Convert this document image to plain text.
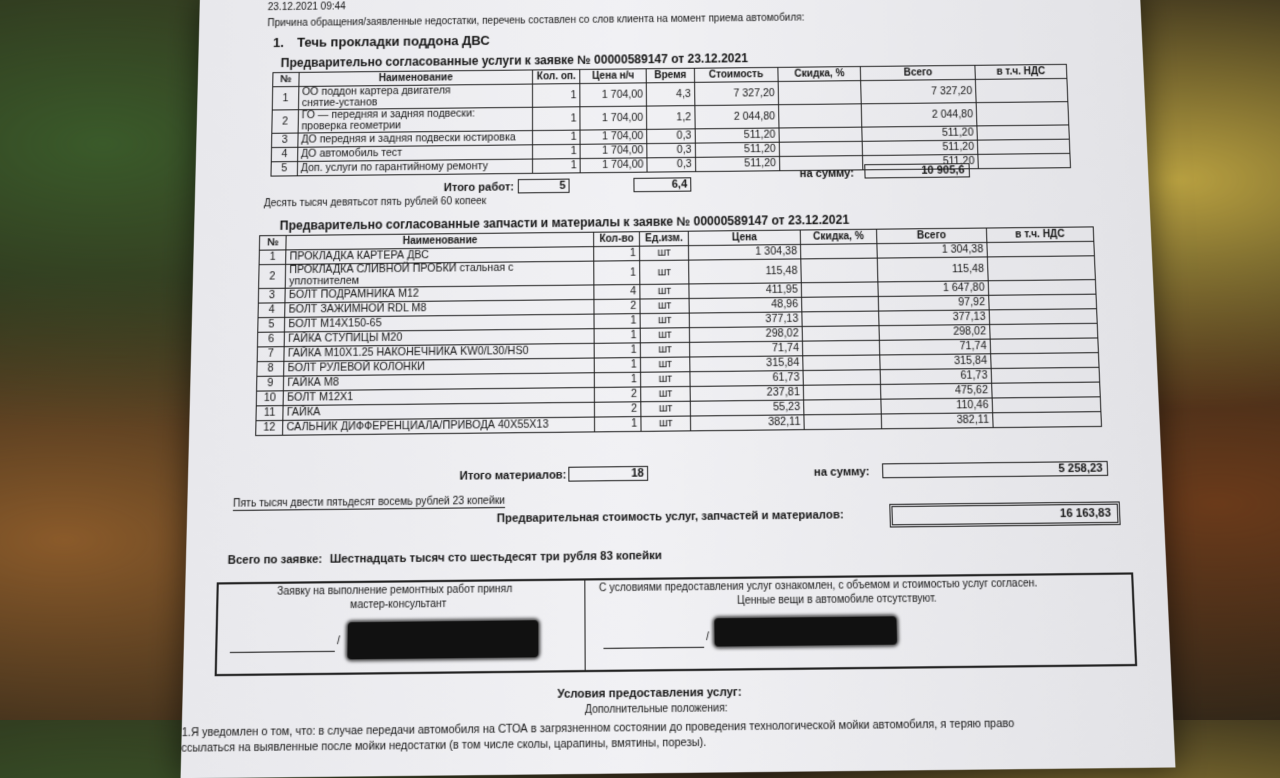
23.12.2021 09:44
Причина обращения/заявленные недостатки, перечень составлен со слов клиента на момент приема автомобиля:
1. Течь прокладки поддона ДВС
Предварительно согласованные услуги к заявке № 00000589147 от 23.12.2021
№	Наименование	Кол. оп.	Цена н/ч	Время	Стоимость	Скидка, %	Всего	в т.ч. НДС
1	ОО поддон картера двигателя
снятие-установ	1	1 704,00	4,3	7 327,20		7 327,20	
2	ГО — передняя и задняя подвески:
проверка геометрии	1	1 704,00	1,2	2 044,80		2 044,80	
3	ДО передняя и задняя подвески юстировка	1	1 704,00	0,3	511,20		511,20	
4	ДО автомобиль тест	1	1 704,00	0,3	511,20		511,20	
5	Доп. услуги по гарантийному ремонту	1	1 704,00	0,3	511,20		511,20	
Итого работ:	5	6,4
на сумму:	10 905,6
Десять тысяч девятьсот пять рублей 60 копеек
Предварительно согласованные запчасти и материалы к заявке № 00000589147 от 23.12.2021
№	Наименование	Кол-во	Ед.изм.	Цена	Скидка, %	Всего	в т.ч. НДС
1	ПРОКЛАДКА КАРТЕРА ДВС	1	шт	1 304,38		1 304,38	
2	ПРОКЛАДКА СЛИВНОЙ ПРОБКИ стальная с
уплотнителем	1	шт	115,48		115,48	
3	БОЛТ ПОДРАМНИКА M12	4	шт	411,95		1 647,80	
4	БОЛТ ЗАЖИМНОЙ RDL M8	2	шт	48,96		97,92	
5	БОЛТ M14X150-65	1	шт	377,13		377,13	
6	ГАЙКА СТУПИЦЫ M20	1	шт	298,02		298,02	
7	ГАЙКА M10X1.25 НАКОНЕЧНИКА KW0/L30/HS0	1	шт	71,74		71,74	
8	БОЛТ РУЛЕВОЙ КОЛОНКИ	1	шт	315,84		315,84	
9	ГАЙКА M8	1	шт	61,73		61,73	
10	БОЛТ M12X1	2	шт	237,81		475,62	
11	ГАЙКА	2	шт	55,23		110,46	
12	САЛЬНИК ДИФФЕРЕНЦИАЛА/ПРИВОДА 40X55X13	1	шт	382,11		382,11	
Итого материалов:	18	на сумму:	5 258,23
Пять тысяч двести пятьдесят восемь рублей 23 копейки
Предварительная стоимость услуг, запчастей и материалов:	16 163,83
Всего по заявке: Шестнадцать тысяч сто шестьдесят три рубля 83 копейки
Заявку на выполнение ремонтных работ принял
мастер-консультант
С условиями предоставления услуг ознакомлен, с объемом и стоимостью услуг согласен.
Ценные вещи в автомобиле отсутствуют.
/	/
Условия предоставления услуг:
Дополнительные положения:
1.Я уведомлен о том, что: в случае передачи автомобиля на СТОА в загрязненном состоянии до проведения технологической мойки автомобиля, я теряю право
ссылаться на выявленные после мойки недостатки (в том числе сколы, царапины, вмятины, порезы).
